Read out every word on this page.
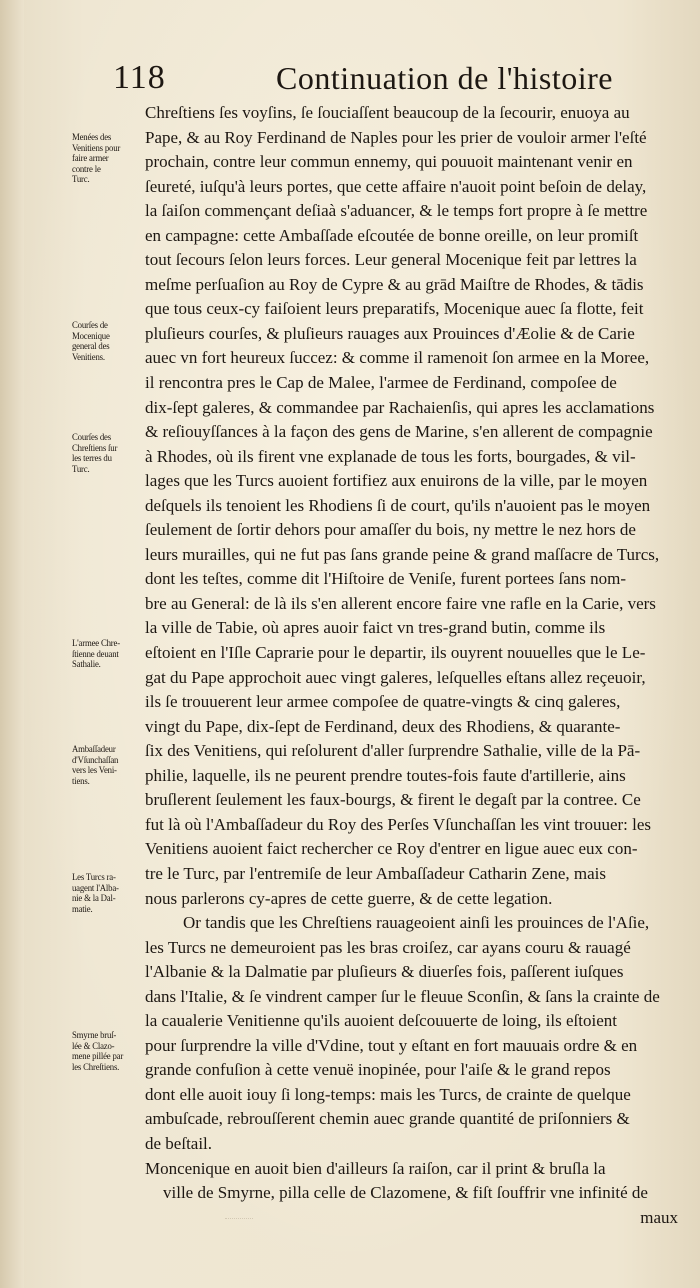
118	Continuation de l'histoire
Chreſtiens ſes voyſins, ſe ſouciaſſent beaucoup de la ſecourir, enuoya au
Pape, & au Roy Ferdinand de Naples pour les prier de vouloir armer l'eſté
prochain, contre leur commun ennemy, qui pouuoit maintenant venir en
ſeureté, iuſqu'à leurs portes, que cette affaire n'auoit point beſoin de delay,
la ſaiſon commençant deſiaà s'aduancer, & le temps fort propre à ſe mettre
en campagne: cette Ambaſſade eſcoutée de bonne oreille, on leur promiſt
tout ſecours ſelon leurs forces. Leur general Mocenique feit par lettres la
meſme perſuaſion au Roy de Cypre & au grād Maiſtre de Rhodes, & tādis
que tous ceux-cy faiſoient leurs preparatifs, Mocenique auec ſa flotte, feit
pluſieurs courſes, & pluſieurs rauages aux Prouinces d'Æolie & de Carie
auec vn fort heureux ſuccez: & comme il ramenoit ſon armee en la Moree,
il rencontra pres le Cap de Malee, l'armee de Ferdinand, compoſee de
dix-ſept galeres, & commandee par Rachaienſis, qui apres les acclamations
& reſiouyſſances à la façon des gens de Marine, s'en allerent de compagnie
à Rhodes, où ils firent vne explanade de tous les forts, bourgades, & vil-
lages que les Turcs auoient fortifiez aux enuirons de la ville, par le moyen
deſquels ils tenoient les Rhodiens ſi de court, qu'ils n'auoient pas le moyen
ſeulement de ſortir dehors pour amaſſer du bois, ny mettre le nez hors de
leurs murailles, qui ne fut pas ſans grande peine & grand maſſacre de Turcs,
dont les teſtes, comme dit l'Hiſtoire de Veniſe, furent portees ſans nom-
bre au General: de là ils s'en allerent encore faire vne rafle en la Carie, vers
la ville de Tabie, où apres auoir faict vn tres-grand butin, comme ils
eſtoient en l'Iſle Caprarie pour le departir, ils ouyrent nouuelles que le Le-
gat du Pape approchoit auec vingt galeres, leſquelles eſtans allez reçeuoir,
ils ſe trouuerent leur armee compoſee de quatre-vingts & cinq galeres,
vingt du Pape, dix-ſept de Ferdinand, deux des Rhodiens, & quarante-
ſix des Venitiens, qui reſolurent d'aller ſurprendre Sathalie, ville de la Pā-
philie, laquelle, ils ne peurent prendre toutes-fois faute d'artillerie, ains
bruſlerent ſeulement les faux-bourgs, & firent le degaſt par la contree. Ce
fut là où l'Ambaſſadeur du Roy des Perſes Vſunchaſſan les vint trouuer: les
Venitiens auoient faict rechercher ce Roy d'entrer en ligue auec eux con-
tre le Turc, par l'entremiſe de leur Ambaſſadeur Catharin Zene, mais
nous parlerons cy-apres de cette guerre, & de cette legation.
Or tandis que les Chreſtiens rauageoient ainſi les prouinces de l'Aſie,
les Turcs ne demeuroient pas les bras croiſez, car ayans couru & rauagé
l'Albanie & la Dalmatie par pluſieurs & diuerſes fois, paſſerent iuſques
dans l'Italie, & ſe vindrent camper ſur le fleuue Sconſin, & ſans la crainte de
la caualerie Venitienne qu'ils auoient deſcouuerte de loing, ils eſtoient
pour ſurprendre la ville d'Vdine, tout y eſtant en fort mauuais ordre & en
grande confuſion à cette venuë inopinée, pour l'aiſe & le grand repos
dont elle auoit iouy ſi long-temps: mais les Turcs, de crainte de quelque
ambuſcade, rebrouſſerent chemin auec grande quantité de priſonniers &
de beſtail.
Moncenique en auoit bien d'ailleurs ſa raiſon, car il print & bruſla la
ville de Smyrne, pilla celle de Clazomene, & fiſt ſouffrir vne infinité de
maux
Menées des
Venitiens pour
faire armer
contre le
Turc.
Courſes de
Mocenique
general des
Venitiens.
Courſes des
Chreſtiens ſur
les terres du
Turc.
L'armee Chre-
ſtienne deuant
Sathalie.
Ambaſſadeur
d'Vſunchaſſan
vers les Veni-
tiens.
Les Turcs ra-
uagent l'Alba-
nie & la Dal-
matie.
Smyrne bruſ-
lée & Clazo-
mene pillée par
les Chreſtiens.
